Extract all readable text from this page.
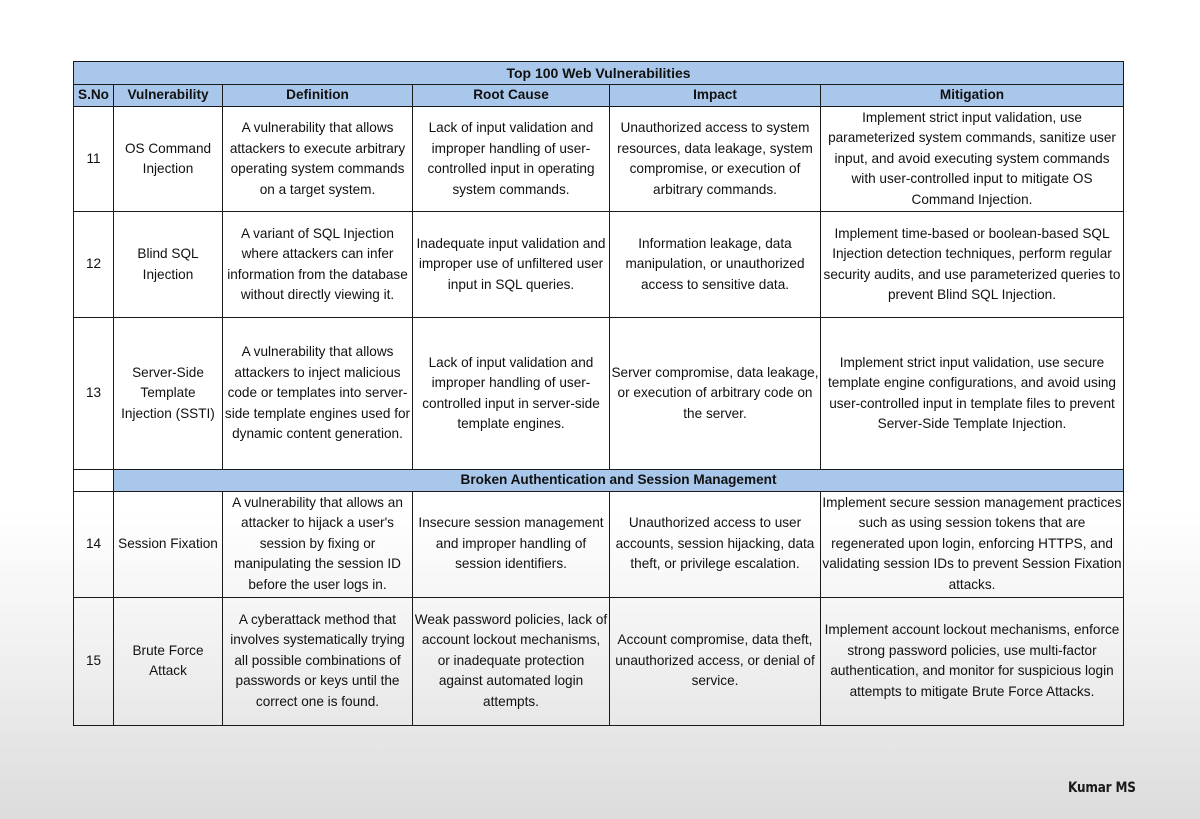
Top 100 Web Vulnerabilities					
S.No	Vulnerability	Definition	Root Cause	Impact	Mitigation
11	OS Command Injection	A vulnerability that allows attackers to execute arbitrary operating system commands on a target system.	Lack of input validation and improper handling of user-controlled input in operating system commands.	Unauthorized access to system resources, data leakage, system compromise, or execution of arbitrary commands.	Implement strict input validation, use parameterized system commands, sanitize user input, and avoid executing system commands with user-controlled input to mitigate OS Command Injection.
12	Blind SQL Injection	A variant of SQL Injection where attackers can infer information from the database without directly viewing it.	Inadequate input validation and improper use of unfiltered user input in SQL queries.	Information leakage, data manipulation, or unauthorized access to sensitive data.	Implement time-based or boolean-based SQL Injection detection techniques, perform regular security audits, and use parameterized queries to prevent Blind SQL Injection.
13	Server-Side Template Injection (SSTI)	A vulnerability that allows attackers to inject malicious code or templates into server-side template engines used for dynamic content generation.	Lack of input validation and improper handling of user-controlled input in server-side template engines.	Server compromise, data leakage, or execution of arbitrary code on the server.	Implement strict input validation, use secure template engine configurations, and avoid using user-controlled input in template files to prevent Server-Side Template Injection.
	Broken Authentication and Session Management				
14	Session Fixation	A vulnerability that allows an attacker to hijack a user's session by fixing or manipulating the session ID before the user logs in.	Insecure session management and improper handling of session identifiers.	Unauthorized access to user accounts, session hijacking, data theft, or privilege escalation.	Implement secure session management practices such as using session tokens that are regenerated upon login, enforcing HTTPS, and validating session IDs to prevent Session Fixation attacks.
15	Brute Force Attack	A cyberattack method that involves systematically trying all possible combinations of passwords or keys until the correct one is found.	Weak password policies, lack of account lockout mechanisms, or inadequate protection against automated login attempts.	Account compromise, data theft, unauthorized access, or denial of service.	Implement account lockout mechanisms, enforce strong password policies, use multi-factor authentication, and monitor for suspicious login attempts to mitigate Brute Force Attacks.
Kumar MS
